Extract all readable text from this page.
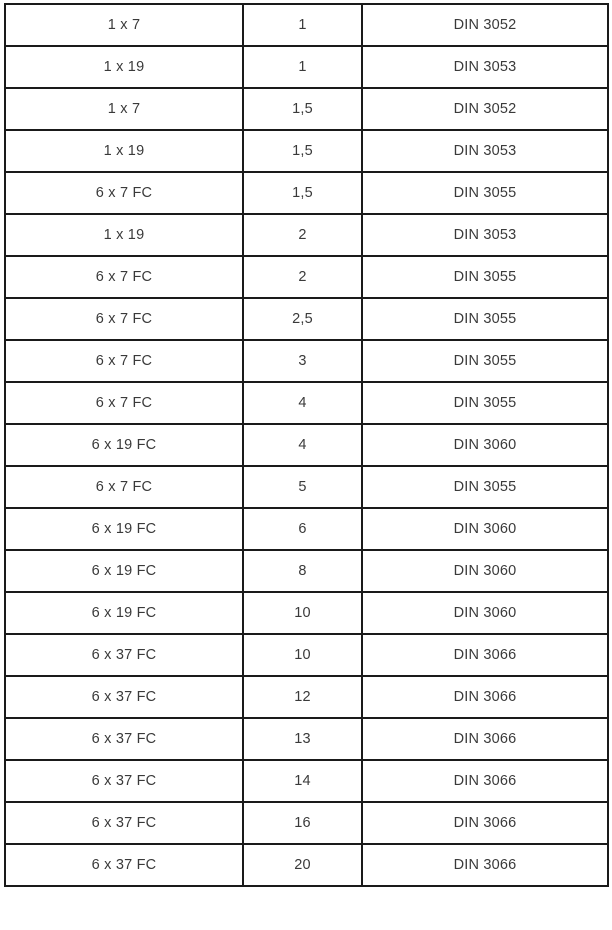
1 x 7	1	DIN 3052
1 x 19	1	DIN 3053
1 x 7	1,5	DIN 3052
1 x 19	1,5	DIN 3053
6 x 7 FC	1,5	DIN 3055
1 x 19	2	DIN 3053
6 x 7 FC	2	DIN 3055
6 x 7 FC	2,5	DIN 3055
6 x 7 FC	3	DIN 3055
6 x 7 FC	4	DIN 3055
6 x 19 FC	4	DIN 3060
6 x 7 FC	5	DIN 3055
6 x 19 FC	6	DIN 3060
6 x 19 FC	8	DIN 3060
6 x 19 FC	10	DIN 3060
6 x 37 FC	10	DIN 3066
6 x 37 FC	12	DIN 3066
6 x 37 FC	13	DIN 3066
6 x 37 FC	14	DIN 3066
6 x 37 FC	16	DIN 3066
6 x 37 FC	20	DIN 3066
